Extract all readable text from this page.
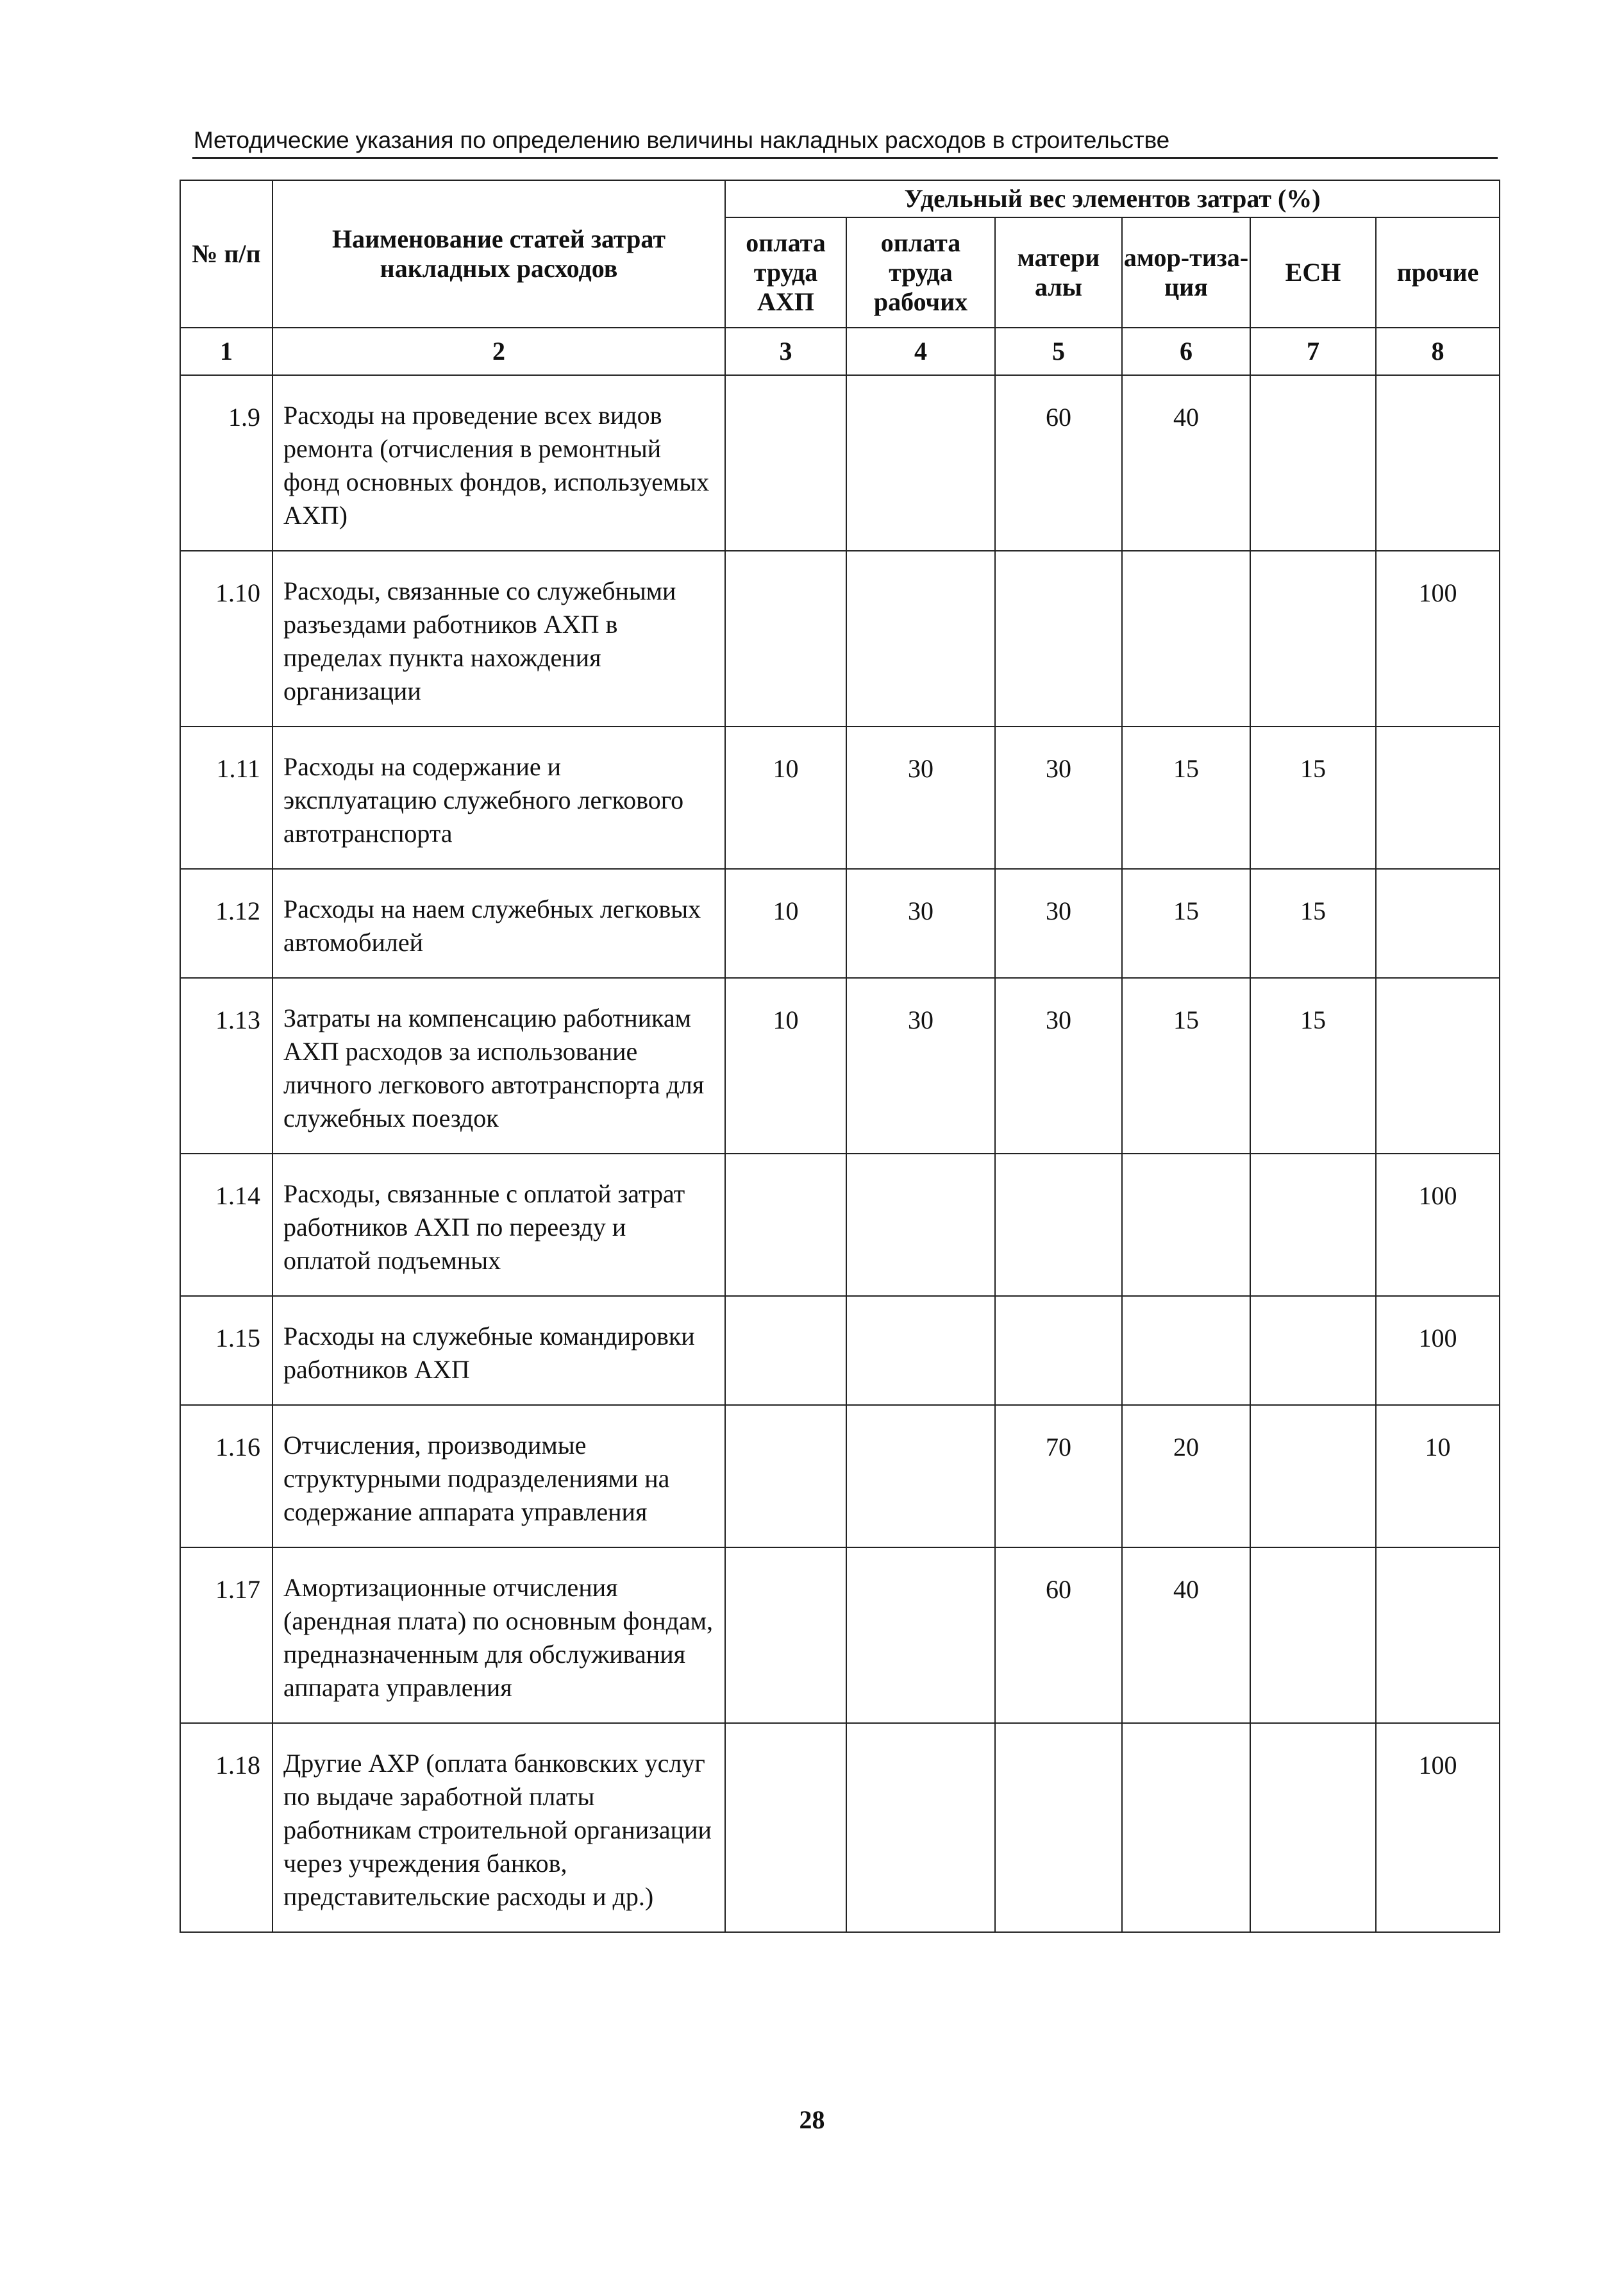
Методические указания по определению величины накладных расходов в строительстве
№ п/п	Наименование статей затрат накладных расходов	Удельный вес элементов затрат (%)					
		оплата труда АХП	оплата труда рабочих	матери алы	амор-тиза-ция	ЕСН	прочие
1	2	3	4	5	6	7	8
1.9	Расходы на проведение всех видов ремонта (отчисления в ремонтный фонд основных фондов, используемых АХП)			60	40		
1.10	Расходы, связанные со служебными разъездами работников АХП в пределах пункта нахождения организации						100
1.11	Расходы на содержание и эксплуатацию служебного легкового автотранспорта	10	30	30	15	15	
1.12	Расходы на наем служебных легковых автомобилей	10	30	30	15	15	
1.13	Затраты на компенсацию работникам АХП расходов за использование личного легкового автотранспорта для служебных поездок	10	30	30	15	15	
1.14	Расходы, связанные с оплатой затрат работников АХП по переезду и оплатой подъемных						100
1.15	Расходы на служебные командировки работников АХП						100
1.16	Отчисления, производимые структурными подразделениями на содержание аппарата управления			70	20		10
1.17	Амортизационные отчисления (арендная плата) по основным фондам, предназначенным для обслуживания аппарата управления			60	40		
1.18	Другие АХР (оплата банковских услуг по выдаче заработной платы работникам строительной организации через учреждения банков, представительские расходы и др.)						100
28
